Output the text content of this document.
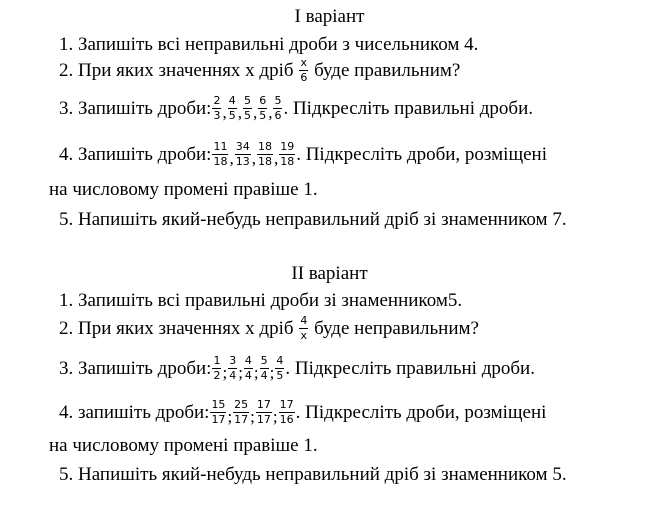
I варіант
1. Запишіть всі неправильні дроби з чисельником 4.
2. При яких значеннях х дріб $\frac{x}{6}$ буде правильним?
3. Запишіть дроби: $\frac{2}{3}$ , $\frac{4}{5}$ , $\frac{5}{5}$ , $\frac{6}{5}$ , $\frac{5}{6}$ . Підкресліть правильні дроби.
4. Запишіть дроби: $\frac{11}{18}$ , $\frac{34}{13}$ , $\frac{18}{18}$ , $\frac{19}{18}$ . Підкресліть дроби, розміщені
на числовому промені правіше 1.
5. Напишіть який-небудь неправильний дріб зі знаменником 7.
II варіант
1. Запишіть всі правильні дроби зі знаменником5.
2. При яких значеннях х дріб $\frac{4}{x}$ буде неправильним?
3. Запишіть дроби: $\frac{1}{2}$ ; $\frac{3}{4}$ ; $\frac{4}{4}$ ; $\frac{5}{4}$ ; $\frac{4}{5}$ . Підкресліть правильні дроби.
4. запишіть дроби: $\frac{15}{17}$ ; $\frac{25}{17}$ ; $\frac{17}{17}$ ; $\frac{17}{16}$ . Підкресліть дроби, розміщені
на числовому промені правіше 1.
5. Напишіть який-небудь неправильний дріб зі знаменником 5.
